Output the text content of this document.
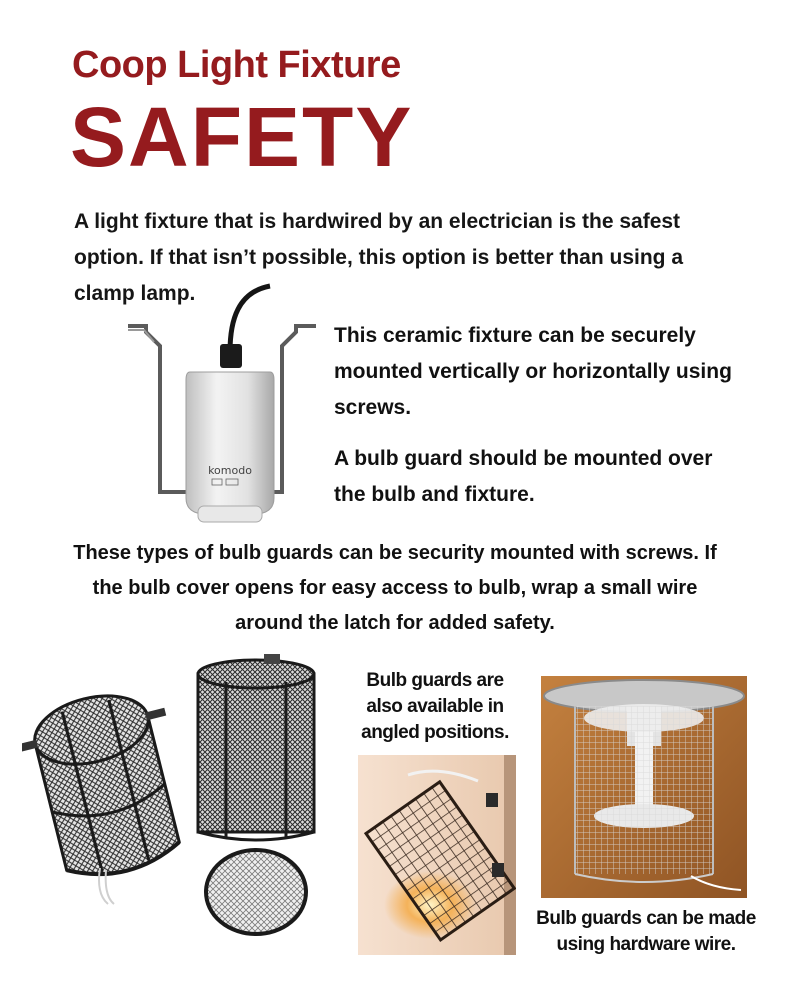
Coop Light Fixture
SAFETY
A light fixture that is hardwired by an electrician is the safest option. If that isn’t possible, this option is better than using a clamp lamp.
komodo
This ceramic fixture can be securely mounted vertically or horizontally using screws.
A bulb guard should be mounted over the bulb and fixture.
These types of bulb guards can be security mounted with screws. If the bulb cover opens for easy access to bulb, wrap a small wire around the latch for added safety.
Bulb guards are also available in angled positions.
Bulb guards can be made using hardware wire.
